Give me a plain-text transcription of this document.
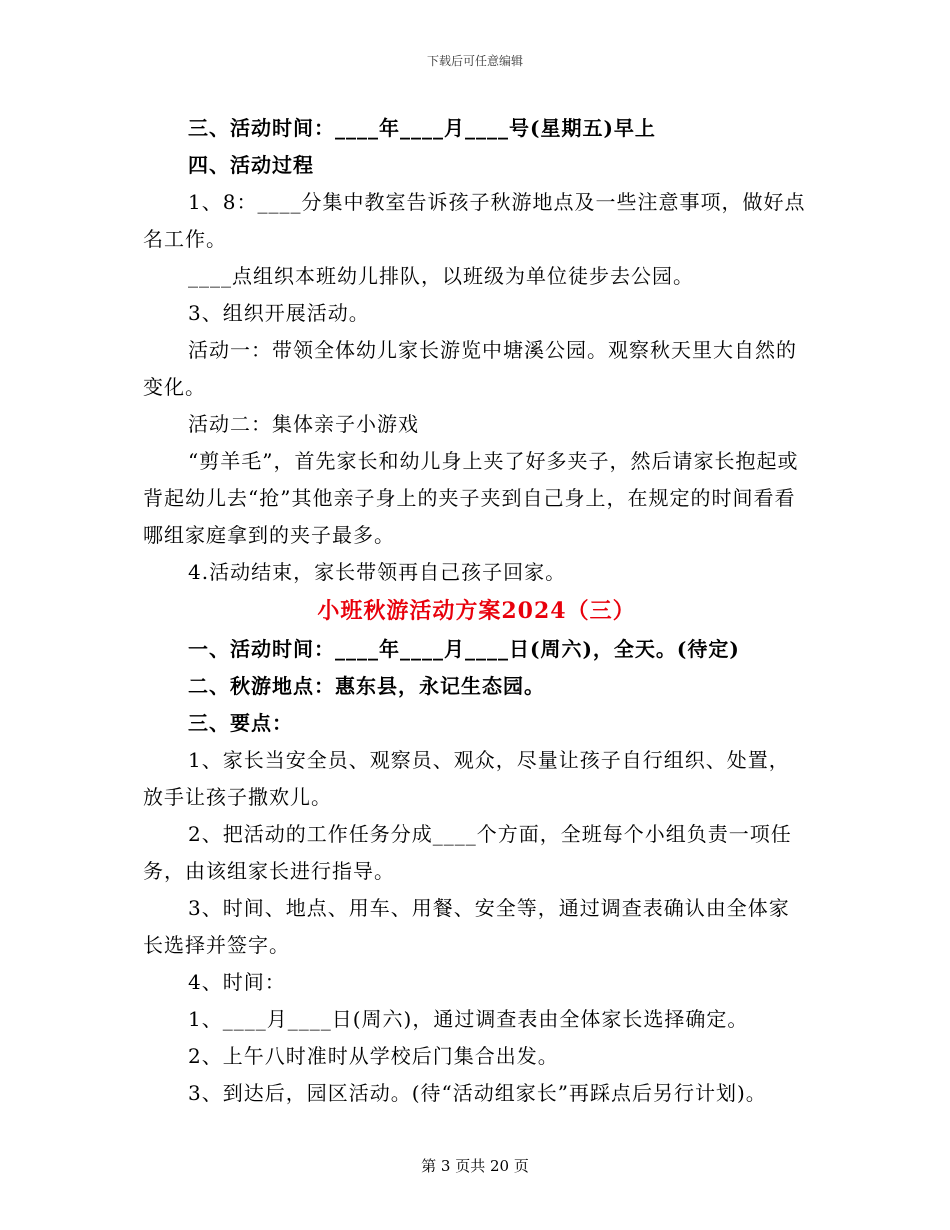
下载后可任意编辑

三、活动时间：____年____月____号(星期五)早上

四、活动过程

1、8：____分集中教室告诉孩子秋游地点及一些注意事项，做好点名工作。

____点组织本班幼儿排队，以班级为单位徒步去公园。

3、组织开展活动。

活动一：带领全体幼儿家长游览中塘溪公园。观察秋天里大自然的变化。

活动二：集体亲子小游戏

“剪羊毛”，首先家长和幼儿身上夹了好多夹子，然后请家长抱起或背起幼儿去“抢”其他亲子身上的夹子夹到自己身上，在规定的时间看看哪组家庭拿到的夹子最多。

4.活动结束，家长带领再自己孩子回家。

小班秋游活动方案2024（三）

一、活动时间：____年____月____日(周六)，全天。(待定)

二、秋游地点：惠东县，永记生态园。

三、要点：

1、家长当安全员、观察员、观众，尽量让孩子自行组织、处置，放手让孩子撒欢儿。

2、把活动的工作任务分成____个方面，全班每个小组负责一项任务，由该组家长进行指导。

3、时间、地点、用车、用餐、安全等，通过调查表确认由全体家长选择并签字。

4、时间：

1、____月____日(周六)，通过调查表由全体家长选择确定。

2、上午八时准时从学校后门集合出发。

3、到达后，园区活动。(待“活动组家长”再踩点后另行计划)。

第 3 页共 20 页
